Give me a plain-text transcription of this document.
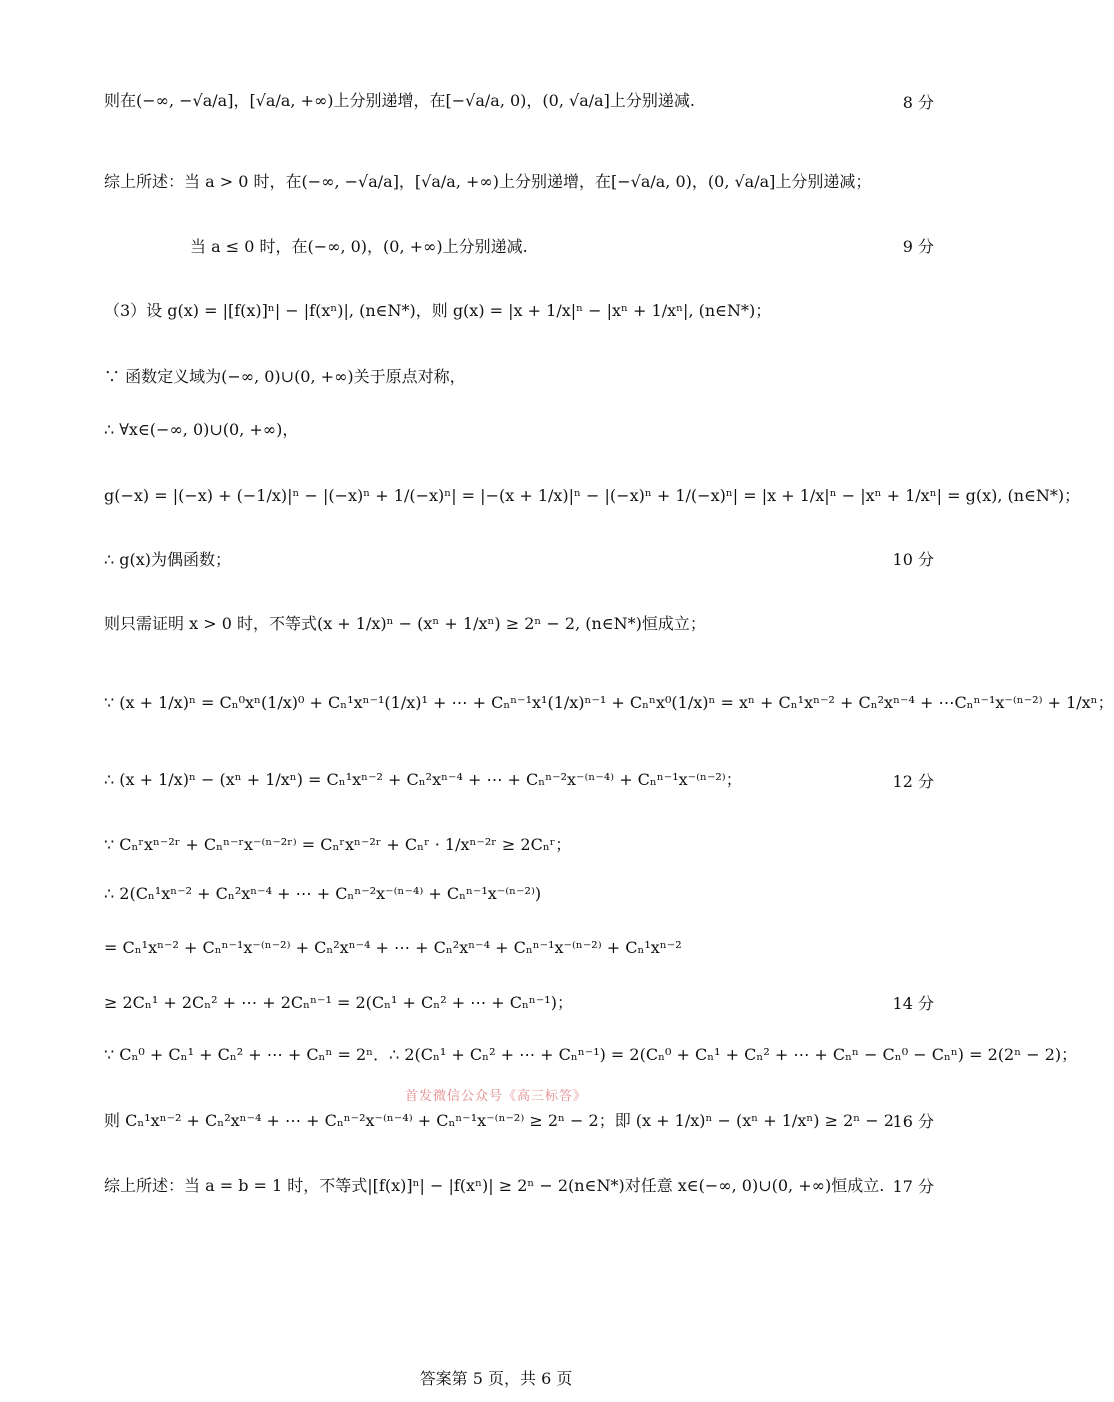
则在(−∞, −√a/a]，[√a/a, +∞)上分别递增，在[−√a/a, 0)，(0, √a/a]上分别递减.	8 分
综上所述：当 a > 0 时，在(−∞, −√a/a]，[√a/a, +∞)上分别递增，在[−√a/a, 0)，(0, √a/a]上分别递减；
当 a ≤ 0 时，在(−∞, 0)，(0, +∞)上分别递减.	9 分
（3）设 g(x) = |[f(x)]ⁿ| − |f(xⁿ)|, (n∈N*)，则 g(x) = |x + 1/x|ⁿ − |xⁿ + 1/xⁿ|, (n∈N*)；
∵ 函数定义域为(−∞, 0)∪(0, +∞)关于原点对称，
∴ ∀x∈(−∞, 0)∪(0, +∞)，
g(−x) = |(−x) + (−1/x)|ⁿ − |(−x)ⁿ + 1/(−x)ⁿ| = |−(x + 1/x)|ⁿ − |(−x)ⁿ + 1/(−x)ⁿ| = |x + 1/x|ⁿ − |xⁿ + 1/xⁿ| = g(x), (n∈N*)；
∴ g(x)为偶函数；	10 分
则只需证明 x > 0 时，不等式(x + 1/x)ⁿ − (xⁿ + 1/xⁿ) ≥ 2ⁿ − 2, (n∈N*)恒成立；
∵ (x + 1/x)ⁿ = Cₙ⁰xⁿ(1/x)⁰ + Cₙ¹xⁿ⁻¹(1/x)¹ + ⋯ + Cₙⁿ⁻¹x¹(1/x)ⁿ⁻¹ + Cₙⁿx⁰(1/x)ⁿ = xⁿ + Cₙ¹xⁿ⁻² + Cₙ²xⁿ⁻⁴ + ⋯Cₙⁿ⁻¹x⁻⁽ⁿ⁻²⁾ + 1/xⁿ；
∴ (x + 1/x)ⁿ − (xⁿ + 1/xⁿ) = Cₙ¹xⁿ⁻² + Cₙ²xⁿ⁻⁴ + ⋯ + Cₙⁿ⁻²x⁻⁽ⁿ⁻⁴⁾ + Cₙⁿ⁻¹x⁻⁽ⁿ⁻²⁾；	12 分
∵ Cₙʳxⁿ⁻²ʳ + Cₙⁿ⁻ʳx⁻⁽ⁿ⁻²ʳ⁾ = Cₙʳxⁿ⁻²ʳ + Cₙʳ · 1/xⁿ⁻²ʳ ≥ 2Cₙʳ；
∴ 2(Cₙ¹xⁿ⁻² + Cₙ²xⁿ⁻⁴ + ⋯ + Cₙⁿ⁻²x⁻⁽ⁿ⁻⁴⁾ + Cₙⁿ⁻¹x⁻⁽ⁿ⁻²⁾)
= Cₙ¹xⁿ⁻² + Cₙⁿ⁻¹x⁻⁽ⁿ⁻²⁾ + Cₙ²xⁿ⁻⁴ + ⋯ + Cₙ²xⁿ⁻⁴ + Cₙⁿ⁻¹x⁻⁽ⁿ⁻²⁾ + Cₙ¹xⁿ⁻²
≥ 2Cₙ¹ + 2Cₙ² + ⋯ + 2Cₙⁿ⁻¹ = 2(Cₙ¹ + Cₙ² + ⋯ + Cₙⁿ⁻¹)；	14 分
∵ Cₙ⁰ + Cₙ¹ + Cₙ² + ⋯ + Cₙⁿ = 2ⁿ．∴ 2(Cₙ¹ + Cₙ² + ⋯ + Cₙⁿ⁻¹) = 2(Cₙ⁰ + Cₙ¹ + Cₙ² + ⋯ + Cₙⁿ − Cₙ⁰ − Cₙⁿ) = 2(2ⁿ − 2)；
首发微信公众号《高三标答》
则 Cₙ¹xⁿ⁻² + Cₙ²xⁿ⁻⁴ + ⋯ + Cₙⁿ⁻²x⁻⁽ⁿ⁻⁴⁾ + Cₙⁿ⁻¹x⁻⁽ⁿ⁻²⁾ ≥ 2ⁿ − 2；即 (x + 1/x)ⁿ − (xⁿ + 1/xⁿ) ≥ 2ⁿ − 2
16 分
综上所述：当 a = b = 1 时，不等式|[f(x)]ⁿ| − |f(xⁿ)| ≥ 2ⁿ − 2(n∈N*)对任意 x∈(−∞, 0)∪(0, +∞)恒成立. 17 分
答案第 5 页，共 6 页
